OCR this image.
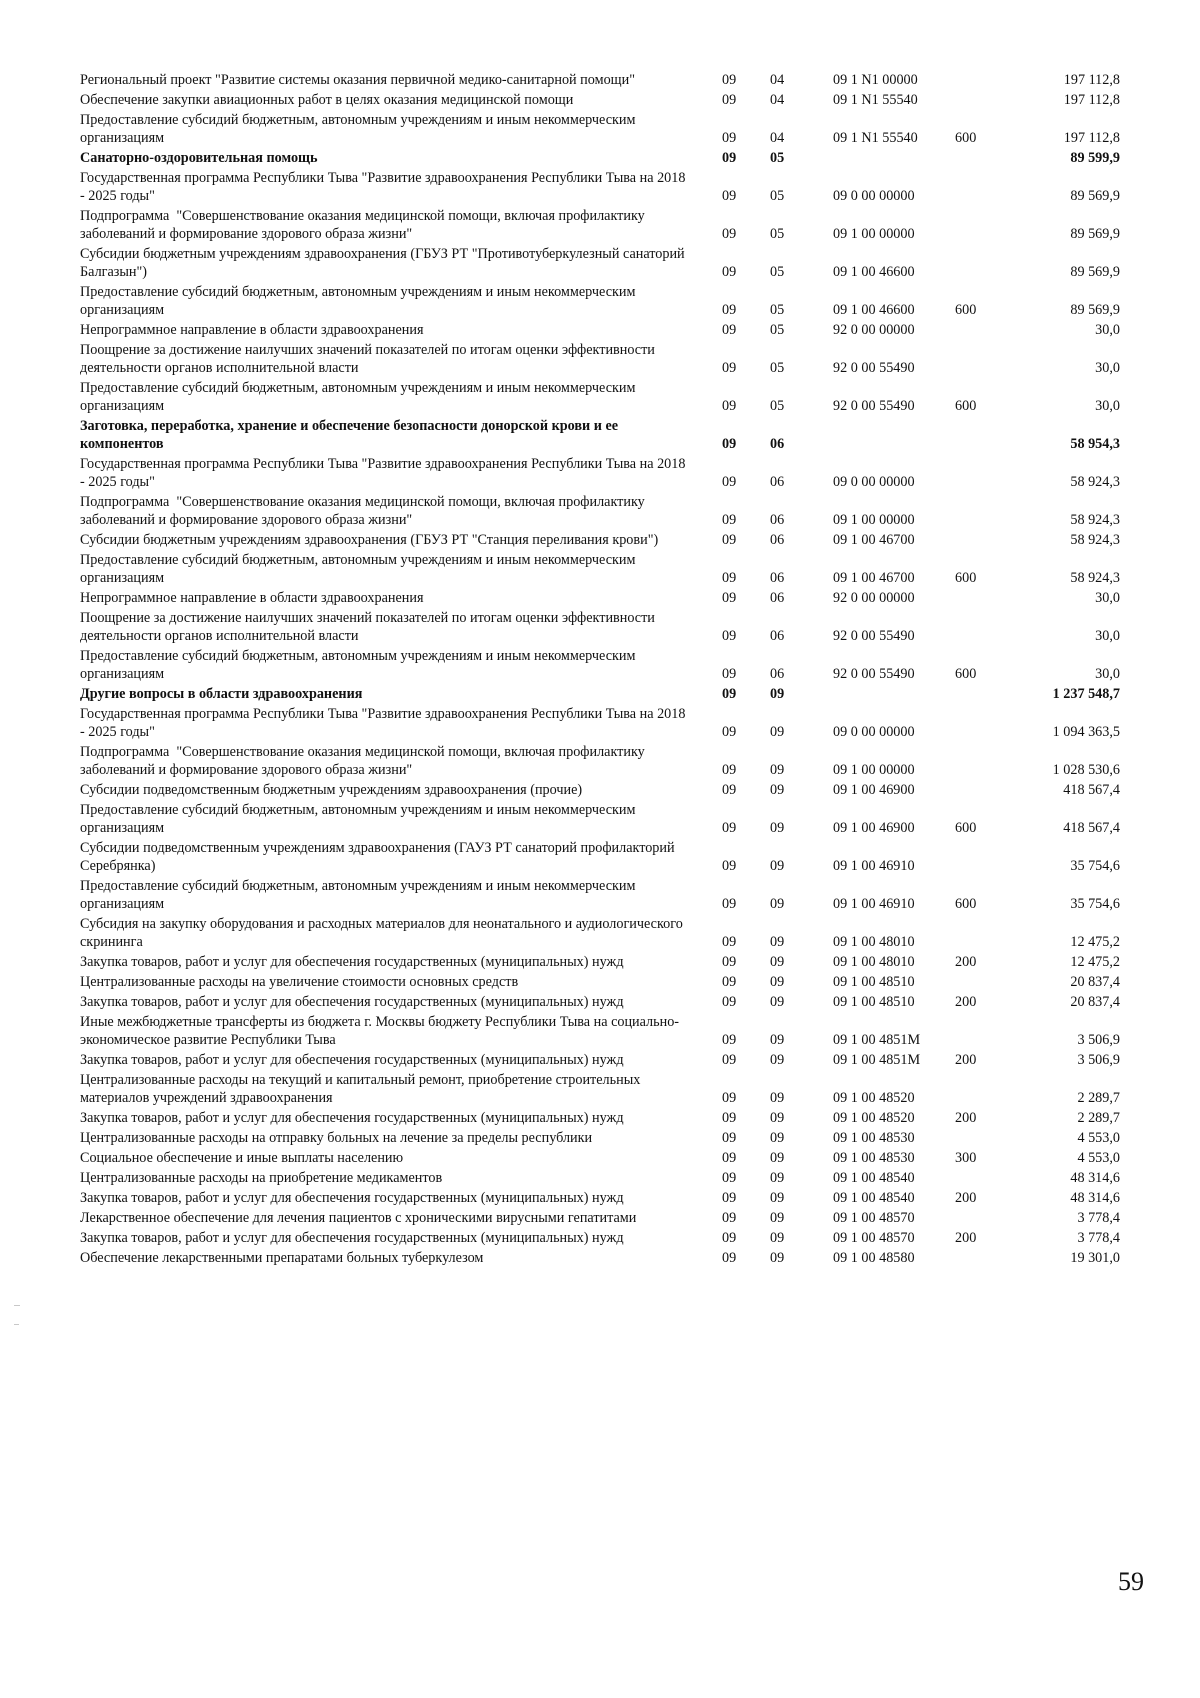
Региональный проект "Развитие системы оказания первичной медико-санитарной помощи"	09	04	09 1 N1 00000	197 112,8
Обеспечение закупки авиационных работ в целях оказания медицинской помощи	09	04	09 1 N1 55540	197 112,8
Предоставление субсидий бюджетным, автономным учреждениям и иным некоммерческим организациям	09	04	09 1 N1 55540	600	197 112,8
Санаторно-оздоровительная помощь	09	05	89 599,9
Государственная программа Республики Тыва "Развитие здравоохранения Республики Тыва на 2018 - 2025 годы"	09	05	09 0 00 00000	89 569,9
Подпрограмма  "Совершенствование оказания медицинской помощи, включая профилактику заболеваний и формирование здорового образа жизни"	09	05	09 1 00 00000	89 569,9
Субсидии бюджетным учреждениям здравоохранения (ГБУЗ РТ "Противотуберкулезный санаторий Балгазын")	09	05	09 1 00 46600	89 569,9
Предоставление субсидий бюджетным, автономным учреждениям и иным некоммерческим организациям	09	05	09 1 00 46600	600	89 569,9
Непрограммное направление в области здравоохранения	09	05	92 0 00 00000	30,0
Поощрение за достижение наилучших значений показателей по итогам оценки эффективности деятельности органов исполнительной власти	09	05	92 0 00 55490	30,0
Предоставление субсидий бюджетным, автономным учреждениям и иным некоммерческим организациям	09	05	92 0 00 55490	600	30,0
Заготовка, переработка, хранение и обеспечение безопасности донорской крови и ее компонентов	09	06	58 954,3
Государственная программа Республики Тыва "Развитие здравоохранения Республики Тыва на 2018 - 2025 годы"	09	06	09 0 00 00000	58 924,3
Подпрограмма  "Совершенствование оказания медицинской помощи, включая профилактику заболеваний и формирование здорового образа жизни"	09	06	09 1 00 00000	58 924,3
Субсидии бюджетным учреждениям здравоохранения (ГБУЗ РТ "Станция переливания крови")	09	06	09 1 00 46700	58 924,3
Предоставление субсидий бюджетным, автономным учреждениям и иным некоммерческим организациям	09	06	09 1 00 46700	600	58 924,3
Непрограммное направление в области здравоохранения	09	06	92 0 00 00000	30,0
Поощрение за достижение наилучших значений показателей по итогам оценки эффективности деятельности органов исполнительной власти	09	06	92 0 00 55490	30,0
Предоставление субсидий бюджетным, автономным учреждениям и иным некоммерческим организациям	09	06	92 0 00 55490	600	30,0
Другие вопросы в области здравоохранения	09	09	1 237 548,7
Государственная программа Республики Тыва "Развитие здравоохранения Республики Тыва на 2018 - 2025 годы"	09	09	09 0 00 00000	1 094 363,5
Подпрограмма  "Совершенствование оказания медицинской помощи, включая профилактику заболеваний и формирование здорового образа жизни"	09	09	09 1 00 00000	1 028 530,6
Субсидии подведомственным бюджетным учреждениям здравоохранения (прочие)	09	09	09 1 00 46900	418 567,4
Предоставление субсидий бюджетным, автономным учреждениям и иным некоммерческим организациям	09	09	09 1 00 46900	600	418 567,4
Субсидии подведомственным учреждениям здравоохранения (ГАУЗ РТ санаторий профилакторий Серебрянка)	09	09	09 1 00 46910	35 754,6
Предоставление субсидий бюджетным, автономным учреждениям и иным некоммерческим организациям	09	09	09 1 00 46910	600	35 754,6
Субсидия на закупку оборудования и расходных материалов для неонатального и аудиологического скрининга	09	09	09 1 00 48010	12 475,2
Закупка товаров, работ и услуг для обеспечения государственных (муниципальных) нужд	09	09	09 1 00 48010	200	12 475,2
Централизованные расходы на увеличение стоимости основных средств	09	09	09 1 00 48510	20 837,4
Закупка товаров, работ и услуг для обеспечения государственных (муниципальных) нужд	09	09	09 1 00 48510	200	20 837,4
Иные межбюджетные трансферты из бюджета г. Москвы бюджету Республики Тыва на социально-экономическое развитие Республики Тыва	09	09	09 1 00 4851М	3 506,9
Закупка товаров, работ и услуг для обеспечения государственных (муниципальных) нужд	09	09	09 1 00 4851М	200	3 506,9
Централизованные расходы на текущий и капитальный ремонт, приобретение строительных материалов учреждений здравоохранения	09	09	09 1 00 48520	2 289,7
Закупка товаров, работ и услуг для обеспечения государственных (муниципальных) нужд	09	09	09 1 00 48520	200	2 289,7
Централизованные расходы на отправку больных на лечение за пределы республики	09	09	09 1 00 48530	4 553,0
Социальное обеспечение и иные выплаты населению	09	09	09 1 00 48530	300	4 553,0
Централизованные расходы на приобретение медикаментов	09	09	09 1 00 48540	48 314,6
Закупка товаров, работ и услуг для обеспечения государственных (муниципальных) нужд	09	09	09 1 00 48540	200	48 314,6
Лекарственное обеспечение для лечения пациентов с хроническими вирусными гепатитами	09	09	09 1 00 48570	3 778,4
Закупка товаров, работ и услуг для обеспечения государственных (муниципальных) нужд	09	09	09 1 00 48570	200	3 778,4
Обеспечение лекарственными препаратами больных туберкулезом	09	09	09 1 00 48580	19 301,0
59
